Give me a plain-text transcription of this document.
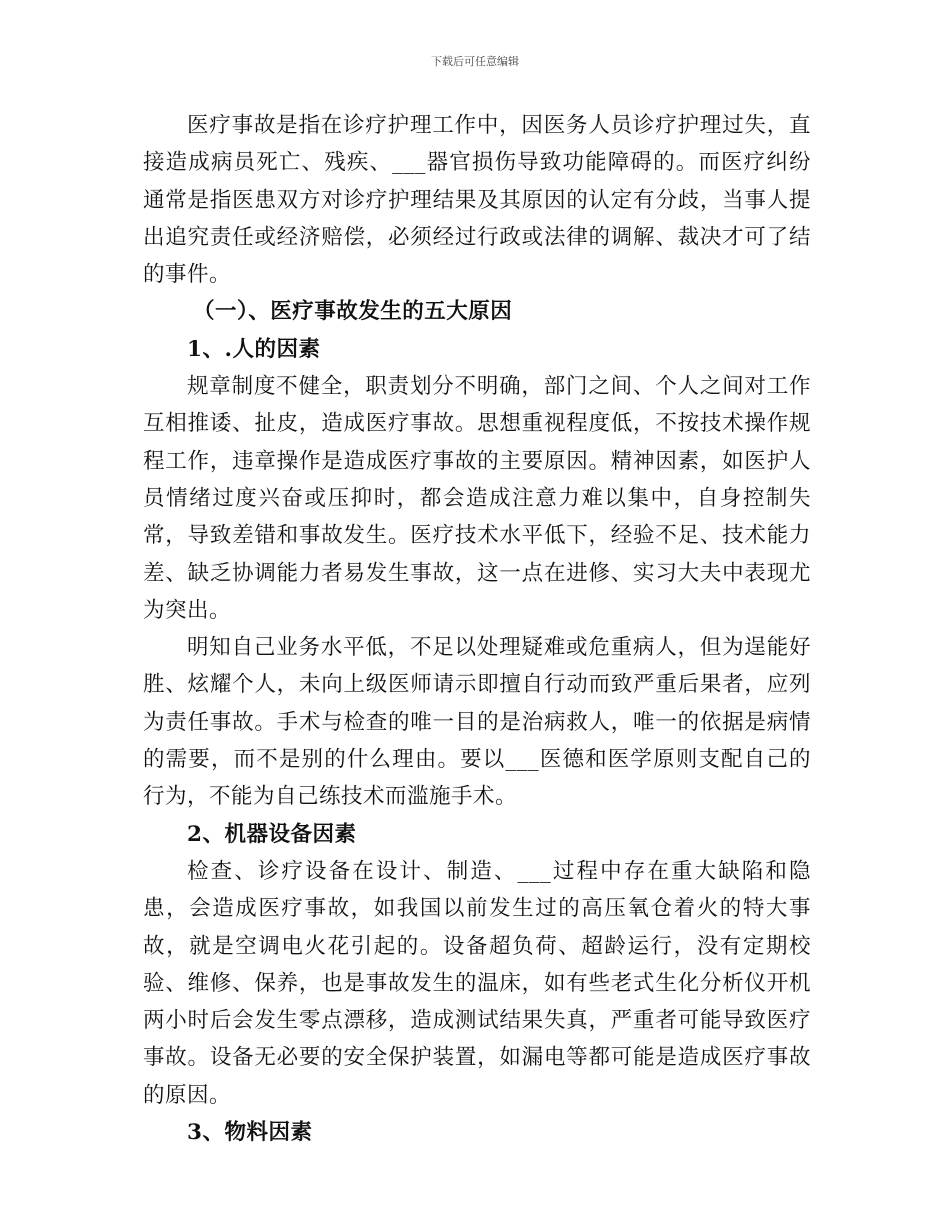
下载后可任意编辑

医疗事故是指在诊疗护理工作中，因医务人员诊疗护理过失，直接造成病员死亡、残疾、___器官损伤导致功能障碍的。而医疗纠纷通常是指医患双方对诊疗护理结果及其原因的认定有分歧，当事人提出追究责任或经济赔偿，必须经过行政或法律的调解、裁决才可了结的事件。

（一）、医疗事故发生的五大原因

1、.人的因素

规章制度不健全，职责划分不明确，部门之间、个人之间对工作互相推诿、扯皮，造成医疗事故。思想重视程度低，不按技术操作规程工作，违章操作是造成医疗事故的主要原因。精神因素，如医护人员情绪过度兴奋或压抑时，都会造成注意力难以集中，自身控制失常，导致差错和事故发生。医疗技术水平低下，经验不足、技术能力差、缺乏协调能力者易发生事故，这一点在进修、实习大夫中表现尤为突出。

明知自己业务水平低，不足以处理疑难或危重病人，但为逞能好胜、炫耀个人，未向上级医师请示即擅自行动而致严重后果者，应列为责任事故。手术与检查的唯一目的是治病救人，唯一的依据是病情的需要，而不是别的什么理由。要以___医德和医学原则支配自己的行为，不能为自己练技术而滥施手术。

2、机器设备因素

检查、诊疗设备在设计、制造、___过程中存在重大缺陷和隐患，会造成医疗事故，如我国以前发生过的高压氧仓着火的特大事故，就是空调电火花引起的。设备超负荷、超龄运行，没有定期校验、维修、保养，也是事故发生的温床，如有些老式生化分析仪开机两小时后会发生零点漂移，造成测试结果失真，严重者可能导致医疗事故。设备无必要的安全保护装置，如漏电等都可能是造成医疗事故的原因。

3、物料因素
